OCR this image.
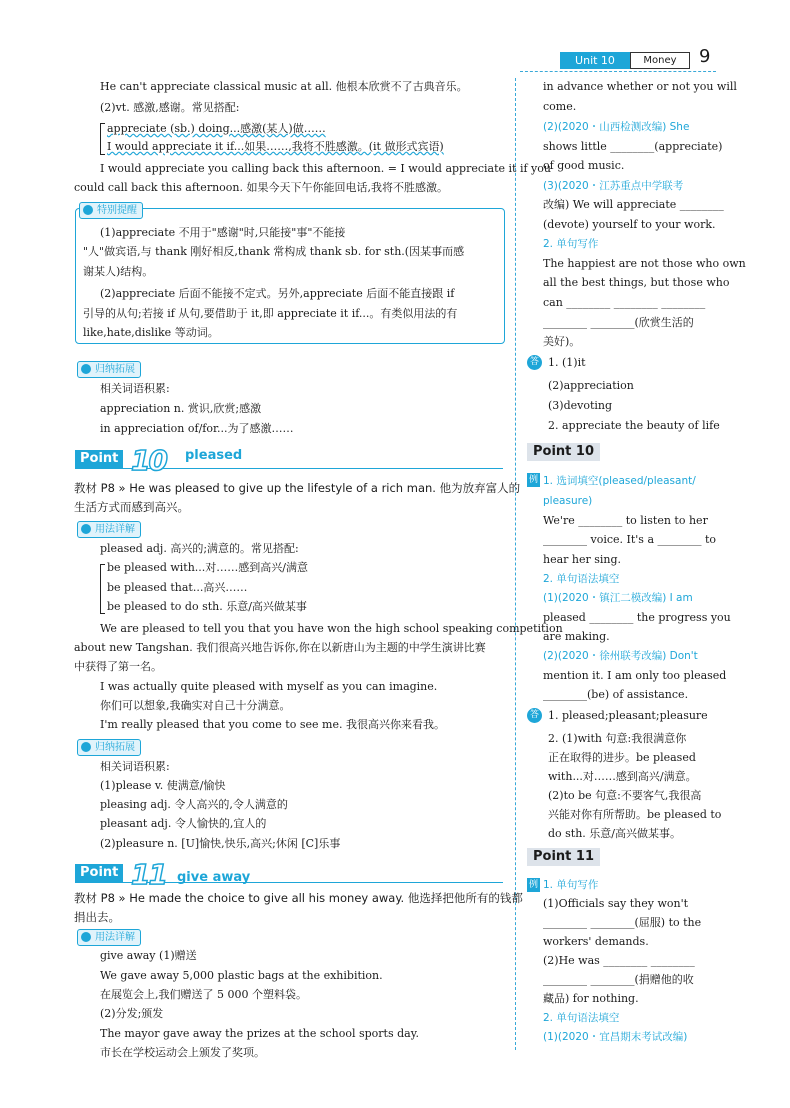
Unit 10	Money	9
He can't appreciate classical music at all. 他根本欣赏不了古典音乐。
(2)vt. 感激,感谢。常见搭配:
appreciate (sb.) doing...感激(某人)做……
I would appreciate it if...如果……,我将不胜感激。(it 做形式宾语)
I would appreciate you calling back this afternoon. = I would appreciate it if you
could call back this afternoon. 如果今天下午你能回电话,我将不胜感激。
特别提醒
(1)appreciate 不用于"感谢"时,只能接"事"不能接
"人"做宾语,与 thank 刚好相反,thank 常构成 thank sb. for sth.(因某事而感
谢某人)结构。
(2)appreciate 后面不能接不定式。另外,appreciate 后面不能直接跟 if
引导的从句;若接 if 从句,要借助于 it,即 appreciate it if...。有类似用法的有
like,hate,dislike 等动词。
归纳拓展
相关词语积累:
appreciation n. 赏识,欣赏;感激
in appreciation of/for...为了感激……
Point 10 pleased
教材 P8 » He was pleased to give up the lifestyle of a rich man. 他为放弃富人的
生活方式而感到高兴。
用法详解
pleased adj. 高兴的;满意的。常见搭配:
be pleased with...对……感到高兴/满意
be pleased that...高兴……
be pleased to do sth. 乐意/高兴做某事
We are pleased to tell you that you have won the high school speaking competition
about new Tangshan. 我们很高兴地告诉你,你在以新唐山为主题的中学生演讲比赛
中获得了第一名。
I was actually quite pleased with myself as you can imagine.
你们可以想象,我确实对自己十分满意。
I'm really pleased that you come to see me. 我很高兴你来看我。
归纳拓展
相关词语积累:
(1)please v. 使满意/愉快
pleasing adj. 令人高兴的,令人满意的
pleasant adj. 令人愉快的,宜人的
(2)pleasure n. [U]愉快,快乐,高兴;休闲 [C]乐事
Point 11 give away
教材 P8 » He made the choice to give all his money away. 他选择把他所有的钱都
捐出去。
用法详解
give away (1)赠送
We gave away 5,000 plastic bags at the exhibition.
在展览会上,我们赠送了 5 000 个塑料袋。
(2)分发;颁发
The mayor gave away the prizes at the school sports day.
市长在学校运动会上颁发了奖项。
in advance whether or not you will
come.
(2)(2020・山西检测改编) She
shows little ________(appreciate)
of good music.
(3)(2020・江苏重点中学联考
改编) We will appreciate ________
(devote) yourself to your work.
2. 单句写作
The happiest are not those who own
all the best things, but those who
can ________ ________ ________
________ ________(欣赏生活的
美好)。
答 1. (1)it
(2)appreciation
(3)devoting
2. appreciate the beauty of life
Point 10
例 1. 选词填空(pleased/pleasant/
pleasure)
We're ________ to listen to her
________ voice. It's a ________ to
hear her sing.
2. 单句语法填空
(1)(2020・镇江二模改编) I am
pleased ________ the progress you
are making.
(2)(2020・徐州联考改编) Don't
mention it. I am only too pleased
________(be) of assistance.
答 1. pleased;pleasant;pleasure
2. (1)with 句意:我很满意你
正在取得的进步。be pleased
with...对……感到高兴/满意。
(2)to be 句意:不要客气,我很高
兴能对你有所帮助。be pleased to
do sth. 乐意/高兴做某事。
Point 11
例 1. 单句写作
(1)Officials say they won't
________ ________(屈服) to the
workers' demands.
(2)He was ________ ________
________ ________(捐赠他的收
藏品) for nothing.
2. 单句语法填空
(1)(2020・宜昌期末考试改编)
